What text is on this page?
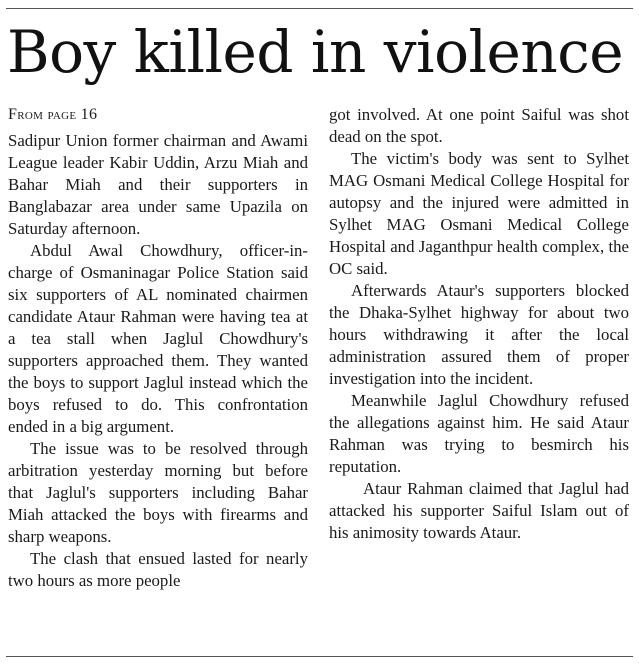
Boy killed in violence
From page 16

Sadipur Union former chairman and Awami League leader Kabir Uddin, Arzu Miah and Bahar Miah and their supporters in Banglabazar area under same Upazila on Saturday afternoon.

Abdul Awal Chowdhury, officer-in-charge of Osmaninagar Police Station said six supporters of AL nominated chairmen candidate Ataur Rahman were having tea at a tea stall when Jaglul Chowdhury's supporters approached them. They wanted the boys to support Jaglul instead which the boys refused to do. This confrontation ended in a big argument.

The issue was to be resolved through arbitration yesterday morning but before that Jaglul's supporters including Bahar Miah attacked the boys with firearms and sharp weapons.

The clash that ensued lasted for nearly two hours as more people

got involved. At one point Saiful was shot dead on the spot.

The victim's body was sent to Sylhet MAG Osmani Medical College Hospital for autopsy and the injured were admitted in Sylhet MAG Osmani Medical College Hospital and Jaganthpur health complex, the OC said.

Afterwards Ataur's supporters blocked the Dhaka-Sylhet highway for about two hours withdrawing it after the local administration assured them of proper investigation into the incident.

Meanwhile Jaglul Chowdhury refused the allegations against him. He said Ataur Rahman was trying to besmirch his reputation.

Ataur Rahman claimed that Jaglul had attacked his supporter Saiful Islam out of his animosity towards Ataur.
